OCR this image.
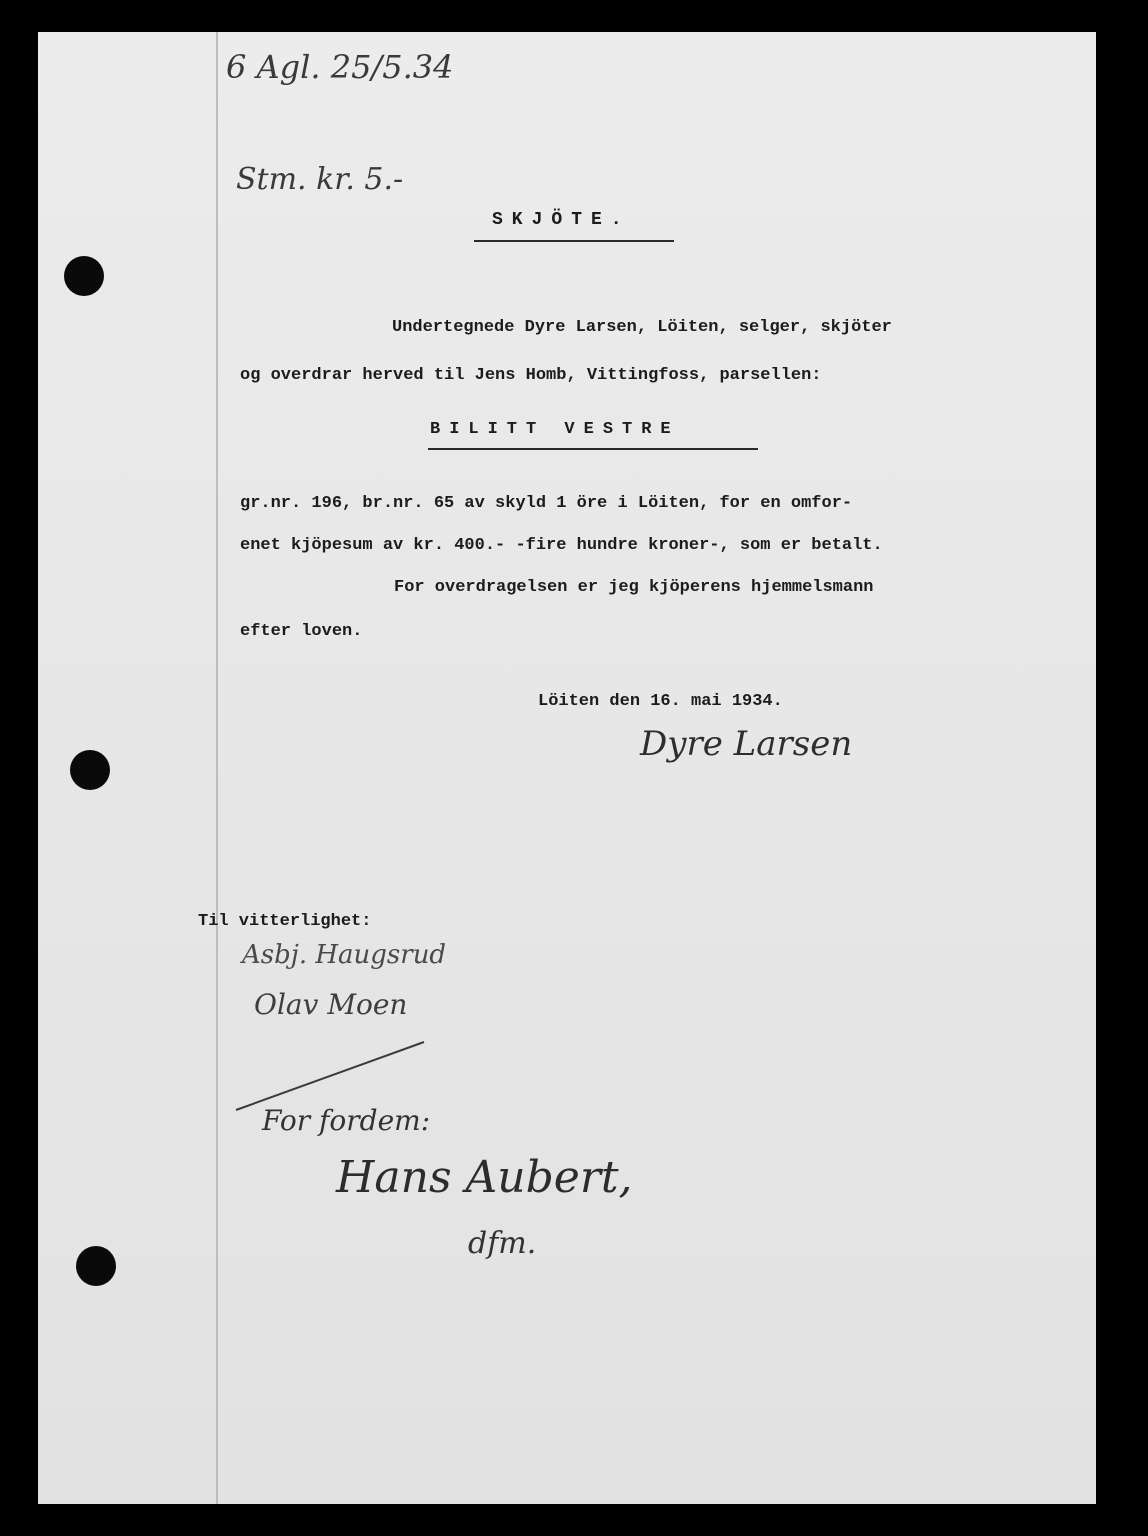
6 Agl. 25/5.34
Stm. kr. 5.-
SKJÖTE.
Undertegnede Dyre Larsen, Löiten, selger, skjöter
og overdrar herved til Jens Homb, Vittingfoss, parsellen:
BILITT VESTRE
gr.nr. 196, br.nr. 65 av skyld 1 öre i Löiten, for en omfor-
enet kjöpesum av kr. 400.- -fire hundre kroner-, som er betalt.
For overdragelsen er jeg kjöperens hjemmelsmann
efter loven.
Löiten den 16. mai 1934.
Dyre Larsen
Til vitterlighet:
Asbj. Haugsrud
Olav Moen
For fordem:
Hans Aubert,
dfm.
